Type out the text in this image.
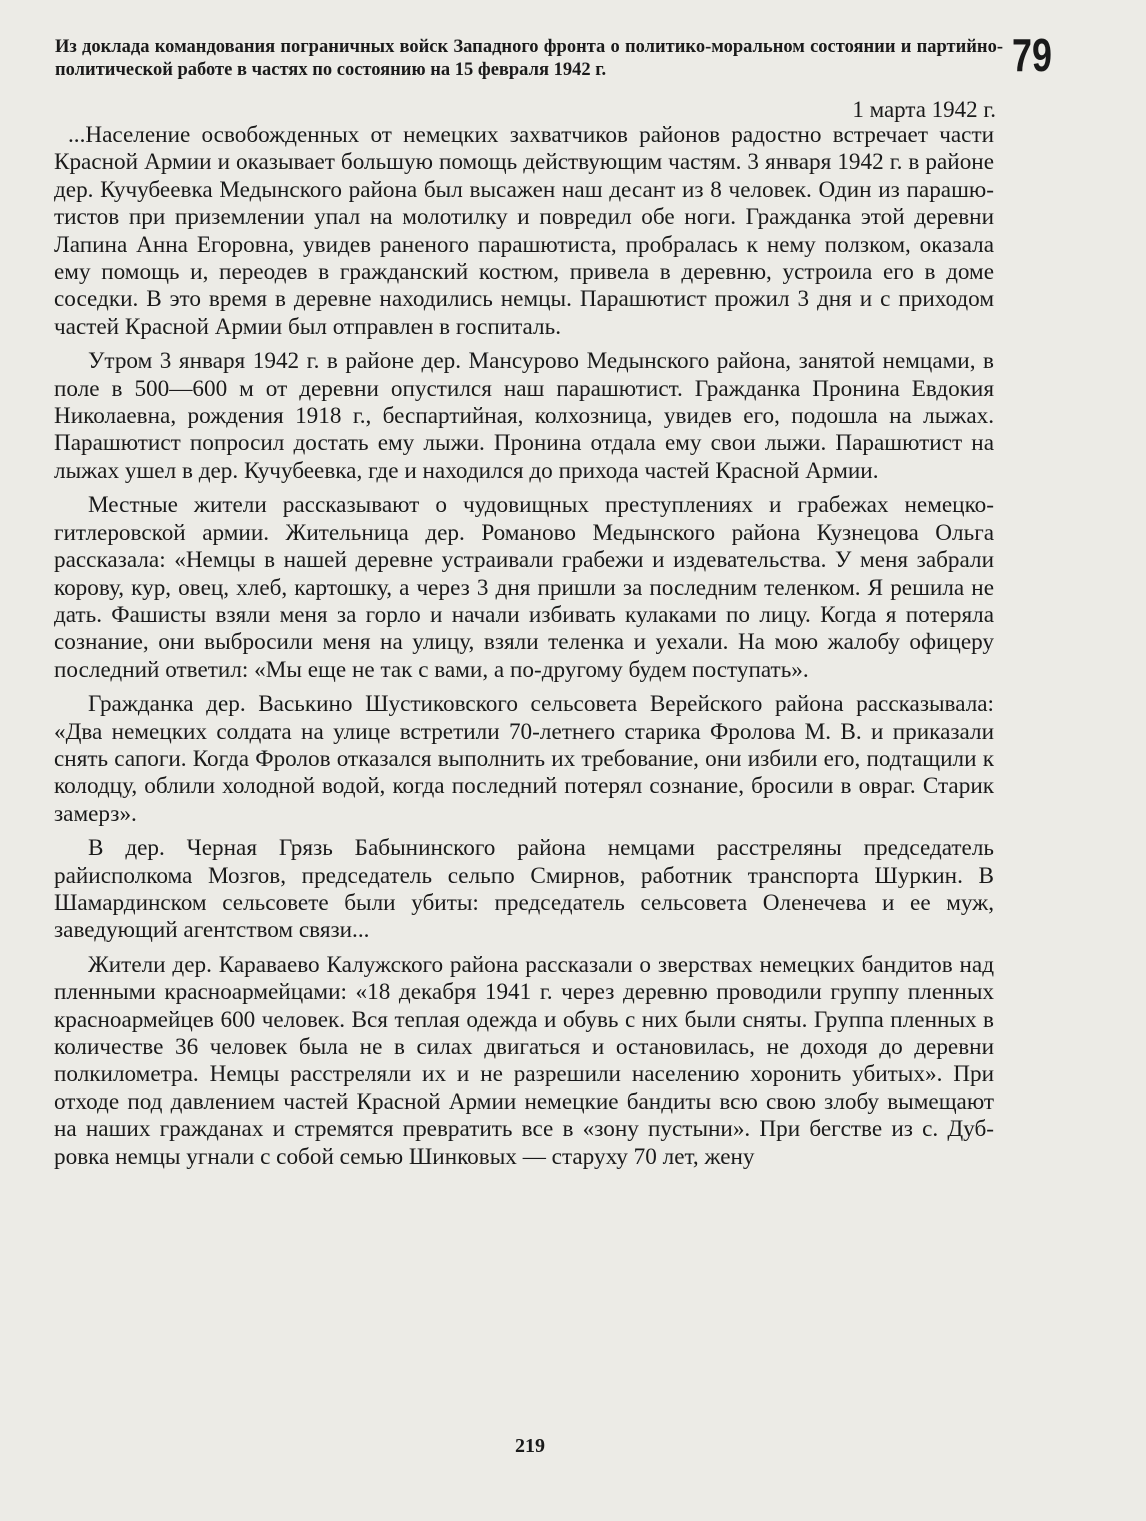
79
Из доклада командования пограничных войск Западного фронта о политико-моральном состоянии и партийно-политической работе в частях по состоянию на 15 февраля 1942 г.
1 марта 1942 г.

...Население освобожденных от немецких захватчиков районов радостно встречает части Красной Армии и оказывает большую помощь действующим частям. 3 января 1942 г. в районе дер. Кучубеевка Медынского района был высажен наш десант из 8 человек. Один из парашютистов при приземлении упал на молотилку и повредил обе ноги. Гражданка этой деревни Лапина Анна Егоровна, увидев раненого парашютиста, пробралась к нему ползком, оказала ему помощь и, переодев в гражданский костюм, привела в деревню, устроила его в доме соседки. В это время в деревне находились немцы. Парашютист прожил 3 дня и с приходом частей Красной Армии был отправлен в госпиталь.

Утром 3 января 1942 г. в районе дер. Мансурово Медынского района, занятой немцами, в поле в 500—600 м от деревни опустился наш парашютист. Гражданка Пронина Евдокия Николаевна, рождения 1918 г., беспартийная, колхозница, увидев его, подошла на лыжах. Парашютист попросил достать ему лыжи. Пронина отдала ему свои лыжи. Парашютист на лыжах ушел в дер. Кучубеевка, где и находился до прихода частей Красной Армии.

Местные жители рассказывают о чудовищных преступлениях и грабежах немецко-гитлеровской армии. Жительница дер. Романово Медынского района Кузнецова Ольга рассказала: «Немцы в нашей деревне устраивали грабежи и издевательства. У меня забрали корову, кур, овец, хлеб, картошку, а через 3 дня пришли за последним теленком. Я решила не дать. Фашисты взяли меня за горло и начали избивать кулаками по лицу. Когда я потеряла сознание, они выбросили меня на улицу, взяли теленка и уехали. На мою жалобу офицеру последний ответил: «Мы еще не так с вами, а по-другому будем поступать».

Гражданка дер. Васькино Шустиковского сельсовета Верейского района рассказывала: «Два немецких солдата на улице встретили 70-летнего старика Фролова М. В. и приказали снять сапоги. Когда Фролов отказался выполнить их требование, они избили его, подтащили к колодцу, облили холодной водой, когда последний потерял сознание, бросили в овраг. Старик замерз».

В дер. Черная Грязь Бабынинского района немцами расстреляны председатель райисполкома Мозгов, председатель сельпо Смирнов, работник транспорта Шуркин. В Шамардинском сельсовете были убиты: председатель сельсовета Оленечева и ее муж, заведующий агентством связи...

Жители дер. Караваево Калужского района рассказали о зверствах немецких бандитов над пленными красноармейцами: «18 декабря 1941 г. через деревню проводили группу пленных красноармейцев 600 человек. Вся теплая одежда и обувь с них были сняты. Группа пленных в количестве 36 человек была не в силах двигаться и остановилась, не доходя до деревни полкилометра. Немцы расстреляли их и не разрешили населению хоронить убитых». При отходе под давлением частей Красной Армии немецкие бандиты всю свою злобу вымещают на наших гражданах и стремятся превратить все в «зону пустыни». При бегстве из с. Дубровка немцы угнали с собой семью Шинковых — старуху 70 лет, жену

219
